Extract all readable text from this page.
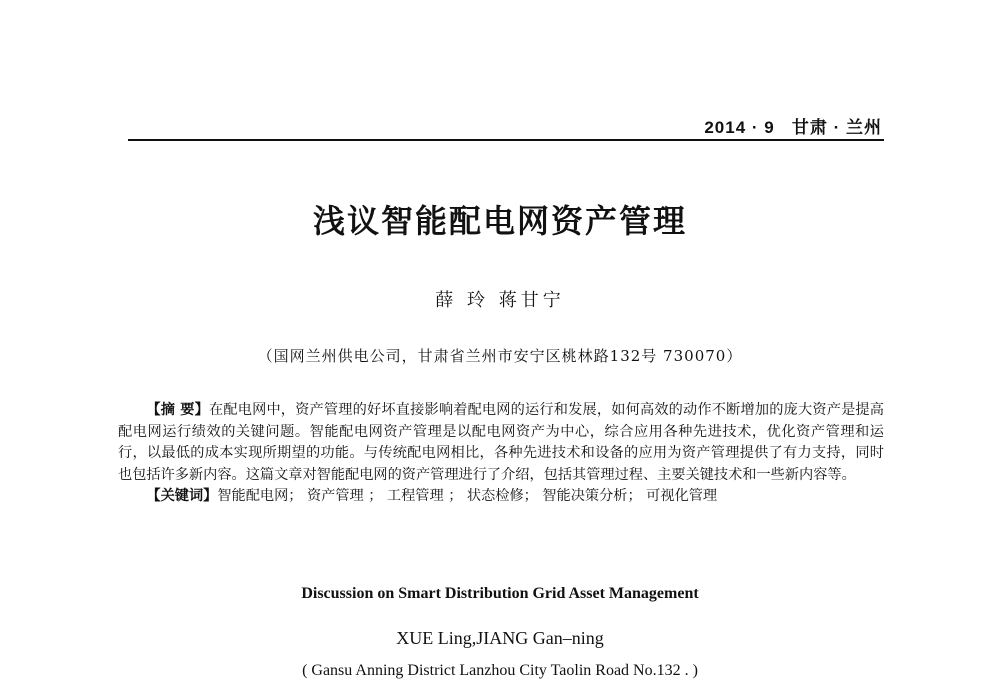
2014 · 9 甘肃 · 兰州
浅议智能配电网资产管理
薛 玲 蒋甘宁
（国网兰州供电公司，甘肃省兰州市安宁区桃林路132号 730070）

【摘 要】在配电网中，资产管理的好坏直接影响着配电网的运行和发展，如何高效的动作不断增加的庞大资产是提高配电网运行绩效的关键问题。智能配电网资产管理是以配电网资产为中心，综合应用各种先进技术，优化资产管理和运行，以最低的成本实现所期望的功能。与传统配电网相比，各种先进技术和设备的应用为资产管理提供了有力支持，同时也包括许多新内容。这篇文章对智能配电网的资产管理进行了介绍，包括其管理过程、主要关键技术和一些新内容等。

【关键词】智能配电网； 资产管理 ； 工程管理 ； 状态检修； 智能决策分析； 可视化管理

Discussion on Smart Distribution Grid Asset Management
XUE Ling,JIANG Gan–ning
( Gansu Anning District Lanzhou City Taolin Road No.132 . )
